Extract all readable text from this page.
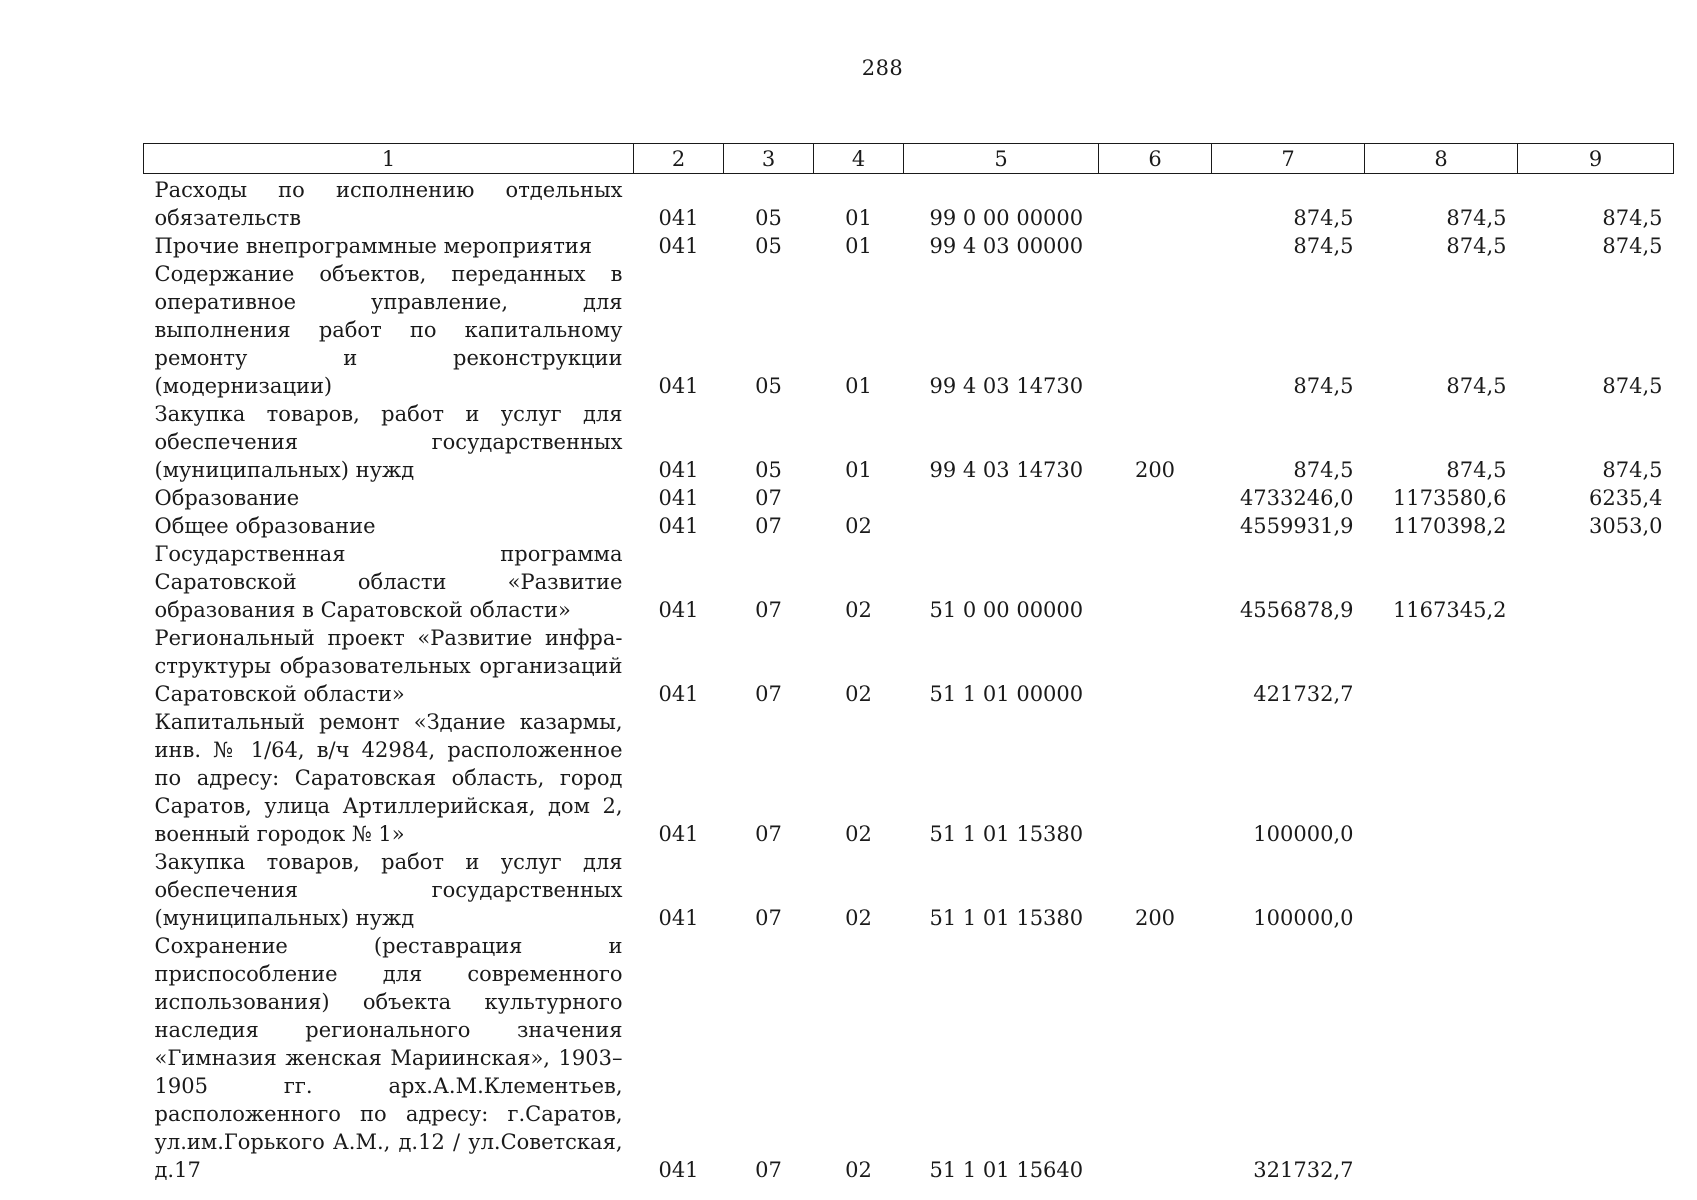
288
1	2	3	4	5	6	7	8	9
Расходы по исполнению отдельных обязательств	041	05	01	99 0 00 00000		874,5	874,5	874,5
Прочие внепрограммные мероприятия	041	05	01	99 4 03 00000		874,5	874,5	874,5
Содержание объектов, переданных в оперативное управление, для выполнения работ по капитальному ремонту и реконструкции (модернизации)	041	05	01	99 4 03 14730		874,5	874,5	874,5
Закупка товаров, работ и услуг для обеспечения государственных (муниципальных) нужд	041	05	01	99 4 03 14730	200	874,5	874,5	874,5
Образование	041	07				4733246,0	1173580,6	6235,4
Общее образование	041	07	02			4559931,9	1170398,2	3053,0
Государственная программа Саратовской области «Развитие образования в Саратовской области»	041	07	02	51 0 00 00000		4556878,9	1167345,2	
Региональный проект «Развитие инфраструктуры образовательных организаций Саратовской области»	041	07	02	51 1 01 00000		421732,7		
Капитальный ремонт «Здание казармы, инв. № 1/64, в/ч 42984, расположенное по адресу: Саратовская область, город Саратов, улица Артиллерийская, дом 2, военный городок № 1»	041	07	02	51 1 01 15380		100000,0		
Закупка товаров, работ и услуг для обеспечения государственных (муниципальных) нужд	041	07	02	51 1 01 15380	200	100000,0		
Сохранение (реставрация и приспособление для современного использования) объекта культурного наследия регионального значения «Гимназия женская Мариинская», 1903–1905 гг. арх.А.М.Клементьев, расположенного по адресу: г.Саратов, ул.им.Горького А.М., д.12 / ул.Советская, д.17	041	07	02	51 1 01 15640		321732,7		
